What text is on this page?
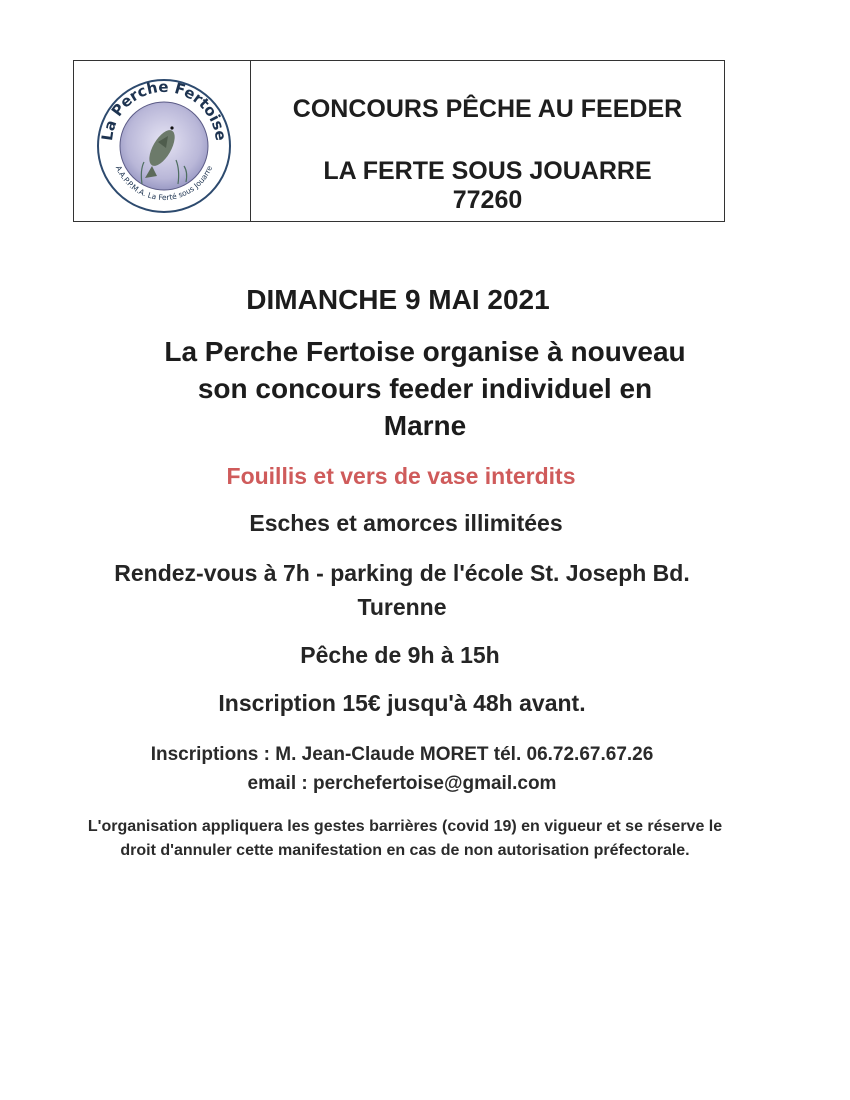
La Perche Fertoise
A.A.P.P.M.A. La Ferté sous Jouarre
CONCOURS PÊCHE AU FEEDER
LA FERTE SOUS JOUARRE
77260
DIMANCHE 9 MAI 2021
La Perche Fertoise organise à nouveau son concours feeder individuel en Marne
Fouillis et vers de vase interdits
Esches et amorces illimitées
Rendez-vous à 7h - parking de l'école St. Joseph Bd. Turenne
Pêche de 9h à 15h
Inscription 15€ jusqu'à 48h avant.
Inscriptions : M. Jean-Claude MORET tél. 06.72.67.67.26
email : perchefertoise@gmail.com
L'organisation appliquera les gestes barrières (covid 19) en vigueur et se réserve le droit d'annuler cette manifestation en cas de non autorisation préfectorale.
